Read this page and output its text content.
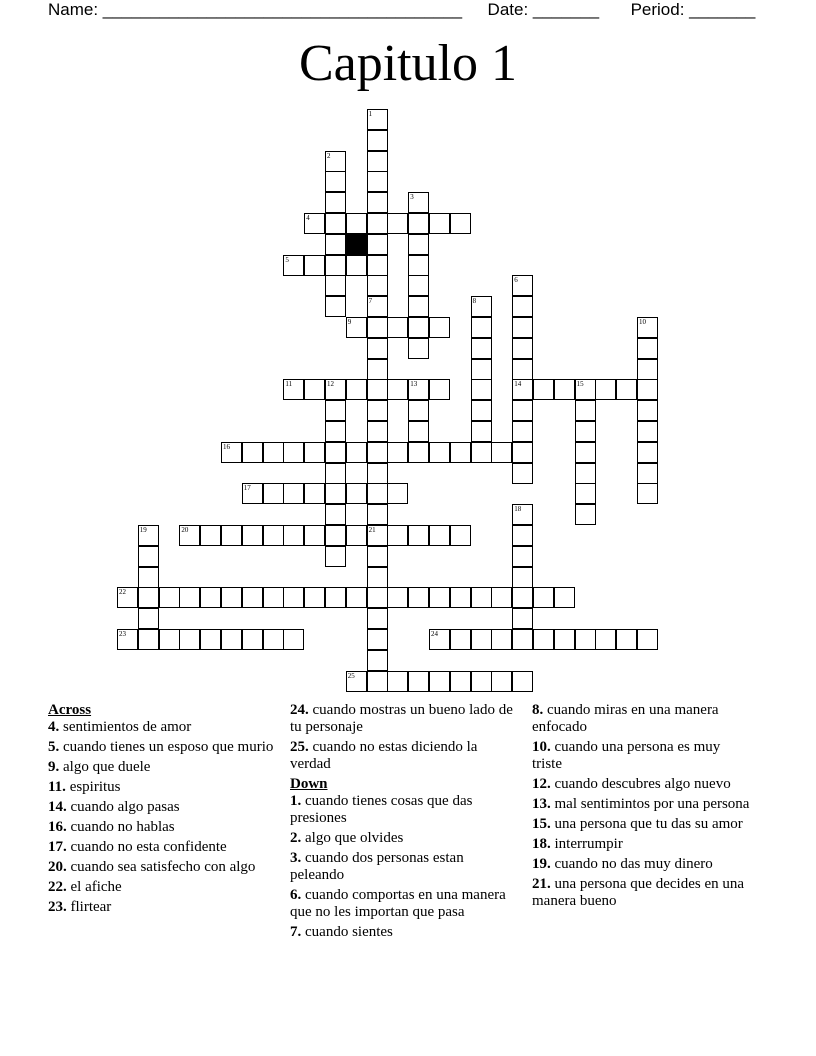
Name: ______________________________________ Date: _______ Period: _______
Capitulo 1
1
7
2
3
4
5
6
14
21
8
9	10
11	12	13	15
16
17
18
19	20
22
23	24
25
Across
4. sentimientos de amor
5. cuando tienes un esposo que murio
9. algo que duele
11. espiritus
14. cuando algo pasas
16. cuando no hablas
17. cuando no esta confidente
20. cuando sea satisfecho con algo
22. el afiche
23. flirtear
24. cuando mostras un bueno lado de tu personaje
25. cuando no estas diciendo la verdad
Down
1. cuando tienes cosas que das presiones
2. algo que olvides
3. cuando dos personas estan peleando
6. cuando comportas en una manera que no les importan que pasa
7. cuando sientes
8. cuando miras en una manera enfocado
10. cuando una persona es muy triste
12. cuando descubres algo nuevo
13. mal sentimintos por una persona
15. una persona que tu das su amor
18. interrumpir
19. cuando no das muy dinero
21. una persona que decides en una manera bueno
